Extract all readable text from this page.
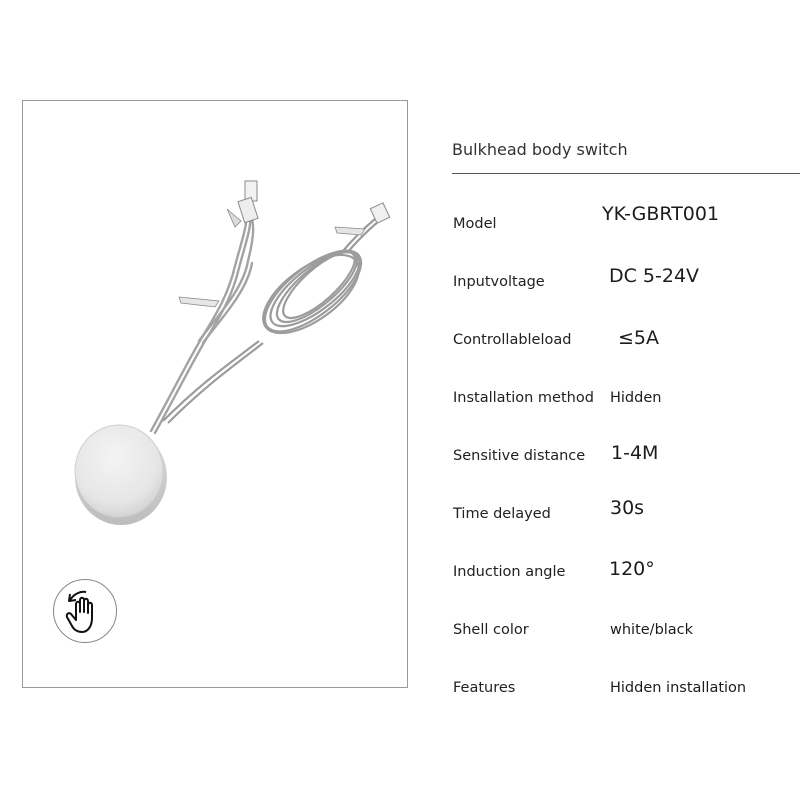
Bulkhead body switch
Model	YK-GBRT001
Inputvoltage	DC 5-24V
Controllableload ≤5A
Installation method Hidden
Sensitive distance 1-4M
Time delayed	30s
Induction angle 120°
Shell color	white/black
Features	Hidden installation
